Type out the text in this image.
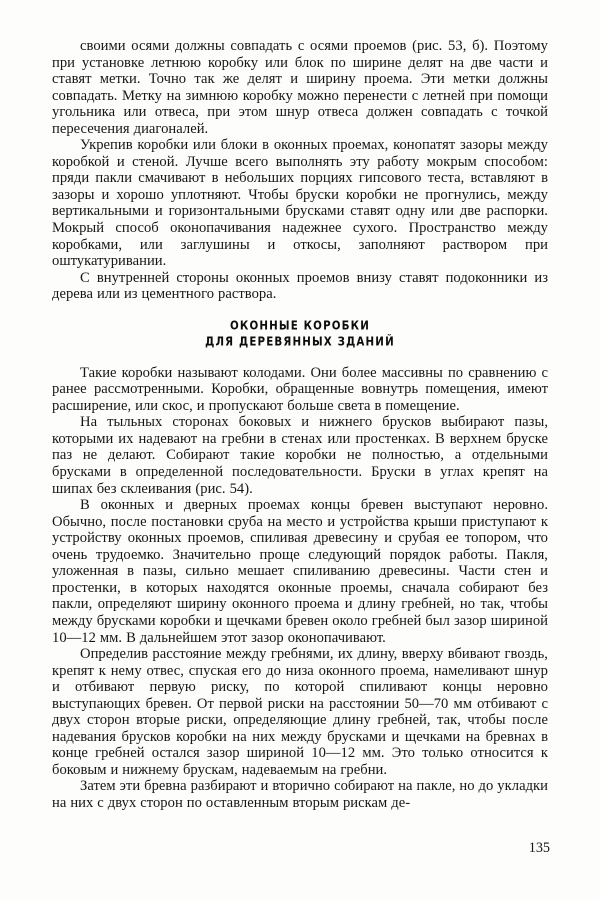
своими осями должны совпадать с осями проемов (рис. 53, б). Поэтому при установке летнюю коробку или блок по ширине делят на две части и ставят метки. Точно так же делят и ширину проема. Эти метки должны совпадать. Метку на зимнюю коробку можно перенести с летней при помощи угольника или отвеса, при этом шнур отвеса должен совпадать с точкой пересечения диагоналей.

Укрепив коробки или блоки в оконных проемах, конопатят зазоры между коробкой и стеной. Лучше всего выполнять эту работу мокрым способом: пряди пакли смачивают в небольших порциях гипсового теста, вставляют в зазоры и хорошо уплотняют. Чтобы бруски коробки не прогнулись, между вертикальными и горизонтальными брусками ставят одну или две распорки. Мокрый способ оконопачивания надежнее сухого. Пространство между коробками, или заглушины и откосы, заполняют раствором при оштукатуривании.

С внутренней стороны оконных проемов внизу ставят подоконники из дерева или из цементного раствора.

ОКОННЫЕ КОРОБКИ
ДЛЯ ДЕРЕВЯННЫХ ЗДАНИЙ

Такие коробки называют колодами. Они более массивны по сравнению с ранее рассмотренными. Коробки, обращенные вовнутрь помещения, имеют расширение, или скос, и пропускают больше света в помещение.

На тыльных сторонах боковых и нижнего брусков выбирают пазы, которыми их надевают на гребни в стенах или простенках. В верхнем бруске паз не делают. Собирают такие коробки не полностью, а отдельными брусками в определенной последовательности. Бруски в углах крепят на шипах без склеивания (рис. 54).

В оконных и дверных проемах концы бревен выступают неровно. Обычно, после постановки сруба на место и устройства крыши приступают к устройству оконных проемов, спиливая древесину и срубая ее топором, что очень трудоемко. Значительно проще следующий порядок работы. Пакля, уложенная в пазы, сильно мешает спиливанию древесины. Части стен и простенки, в которых находятся оконные проемы, сначала собирают без пакли, определяют ширину оконного проема и длину гребней, но так, чтобы между брусками коробки и щечками бревен около гребней был зазор шириной 10—12 мм. В дальнейшем этот зазор оконопачивают.

Определив расстояние между гребнями, их длину, вверху вбивают гвоздь, крепят к нему отвес, спуская его до низа оконного проема, намеливают шнур и отбивают первую риску, по которой спиливают концы неровно выступающих бревен. От первой риски на расстоянии 50—70 мм отбивают с двух сторон вторые риски, определяющие длину гребней, так, чтобы после надевания брусков коробки на них между брусками и щечками на бревнах в конце гребней остался зазор шириной 10—12 мм. Это только относится к боковым и нижнему брускам, надеваемым на гребни.

Затем эти бревна разбирают и вторично собирают на пакле, но до укладки на них с двух сторон по оставленным вторым рискам де-

135
